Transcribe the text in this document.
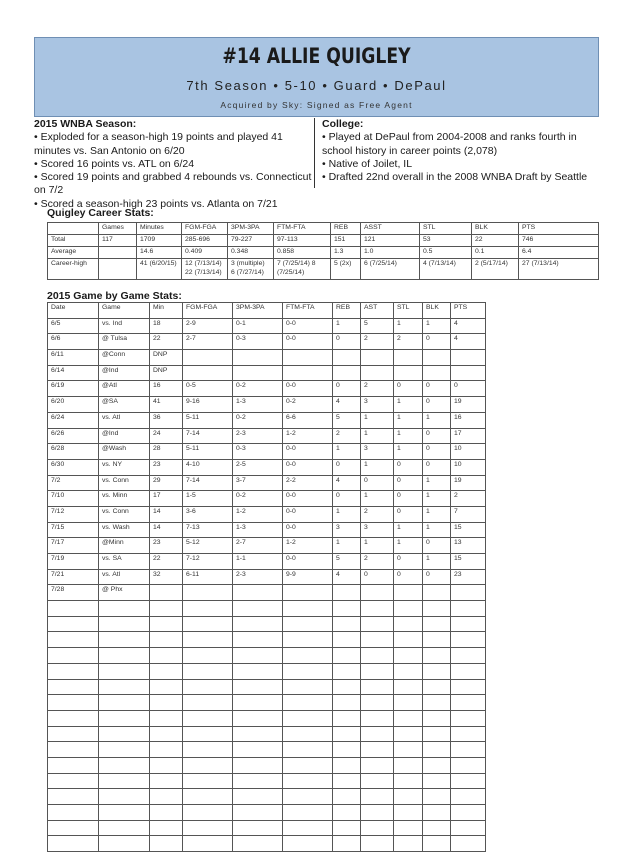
#14 ALLIE QUIGLEY
7th Season • 5-10 • Guard • DePaul
Acquired by Sky: Signed as Free Agent
2015 WNBA Season:
• Exploded for a season-high 19 points and played 41 minutes vs. San Antonio on 6/20
• Scored 16 points vs. ATL on 6/24
• Scored 19 points and grabbed 4 rebounds vs. Connecticut on 7/2
• Scored a season-high 23 points vs. Atlanta on 7/21
College:
• Played at DePaul from 2004-2008 and ranks fourth in school history in career points (2,078)
• Native of Joilet, IL
• Drafted 22nd overall in the 2008 WNBA Draft by Seattle
Quigley Career Stats:
	Games	Minutes	FGM-FGA	3PM-3PA	FTM-FTA	REB	ASST	STL	BLK	PTS
Total	117	1709	285-696	79-227	97-113	151	121	53	22	746
Average		14.6	0.409	0.348	0.858	1.3	1.0	0.5	0.1	6.4
Career-high		41 (6/20/15)	12 (7/13/14) 22 (7/13/14)	3 (multiple) 6 (7/27/14)	7 (7/25/14) 8 (7/25/14)	5 (2x)	6 (7/25/14)	4 (7/13/14)	2 (5/17/14)	27 (7/13/14)
2015 Game by Game Stats:
Date	Game	Min	FGM-FGA	3PM-3PA	FTM-FTA	REB	AST	STL	BLK	PTS
6/5	vs. Ind	18	2-9	0-1	0-0	1	5	1	1	4
6/6	@ Tulsa	22	2-7	0-3	0-0	0	2	2	0	4
6/11	@Conn	DNP								
6/14	@Ind	DNP								
6/19	@Atl	16	0-5	0-2	0-0	0	2	0	0	0
6/20	@SA	41	9-16	1-3	0-2	4	3	1	0	19
6/24	vs. Atl	36	5-11	0-2	6-6	5	1	1	1	16
6/26	@Ind	24	7-14	2-3	1-2	2	1	1	0	17
6/28	@Wash	28	5-11	0-3	0-0	1	3	1	0	10
6/30	vs. NY	23	4-10	2-5	0-0	0	1	0	0	10
7/2	vs. Conn	29	7-14	3-7	2-2	4	0	0	1	19
7/10	vs. Minn	17	1-5	0-2	0-0	0	1	0	1	2
7/12	vs. Conn	14	3-6	1-2	0-0	1	2	0	1	7
7/15	vs. Wash	14	7-13	1-3	0-0	3	3	1	1	15
7/17	@Minn	23	5-12	2-7	1-2	1	1	1	0	13
7/19	vs. SA	22	7-12	1-1	0-0	5	2	0	1	15
7/21	vs. Atl	32	6-11	2-3	9-9	4	0	0	0	23
7/28	@ Phx									
